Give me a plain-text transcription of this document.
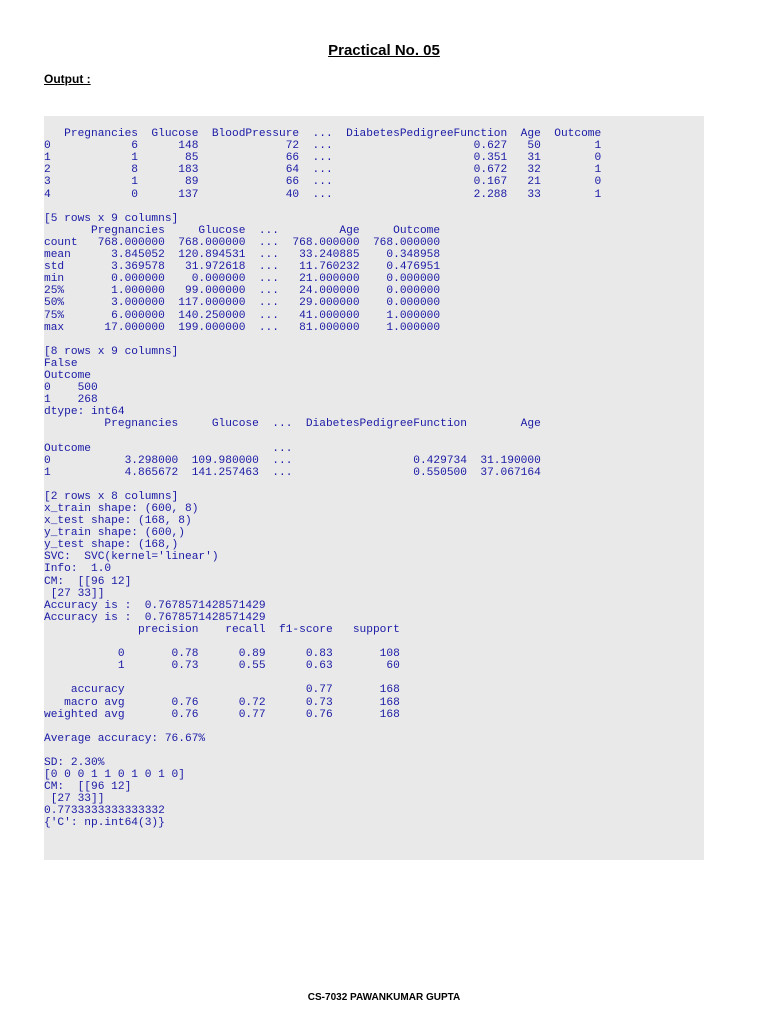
Practical No. 05
Output :

Pregnancies  Glucose  BloodPressure  ...  DiabetesPedigreeFunction  Age  Outcome
0            6      148             72  ...                     0.627   50        1
1            1       85             66  ...                     0.351   31        0
2            8      183             64  ...                     0.672   32        1
3            1       89             66  ...                     0.167   21        0
4            0      137             40  ...                     2.288   33        1

[5 rows x 9 columns]
Pregnancies     Glucose  ...         Age     Outcome
count   768.000000  768.000000  ...  768.000000  768.000000
mean      3.845052  120.894531  ...   33.240885    0.348958
std       3.369578   31.972618  ...   11.760232    0.476951
min       0.000000    0.000000  ...   21.000000    0.000000
25%       1.000000   99.000000  ...   24.000000    0.000000
50%       3.000000  117.000000  ...   29.000000    0.000000
75%       6.000000  140.250000  ...   41.000000    1.000000
max      17.000000  199.000000  ...   81.000000    1.000000

[8 rows x 9 columns]
False
Outcome
0    500
1    268
dtype: int64
Pregnancies     Glucose  ...  DiabetesPedigreeFunction        Age

Outcome                           ...
0           3.298000  109.980000  ...                  0.429734  31.190000
1           4.865672  141.257463  ...                  0.550500  37.067164

[2 rows x 8 columns]
x_train shape: (600, 8)
x_test shape: (168, 8)
y_train shape: (600,)
y_test shape: (168,)
SVC:  SVC(kernel='linear')
Info:  1.0
CM:  [[96 12]
[27 33]]
Accuracy is :  0.7678571428571429
Accuracy is :  0.7678571428571429
precision    recall  f1-score   support

0       0.78      0.89      0.83       108
1       0.73      0.55      0.63        60

accuracy                           0.77       168
macro avg       0.76      0.72      0.73       168
weighted avg       0.76      0.77      0.76       168

Average accuracy: 76.67%

SD: 2.30%
[0 0 0 1 1 0 1 0 1 0]
CM:  [[96 12]
[27 33]]
0.7733333333333332
{'C': np.int64(3)}
CS-7032 PAWANKUMAR GUPTA
